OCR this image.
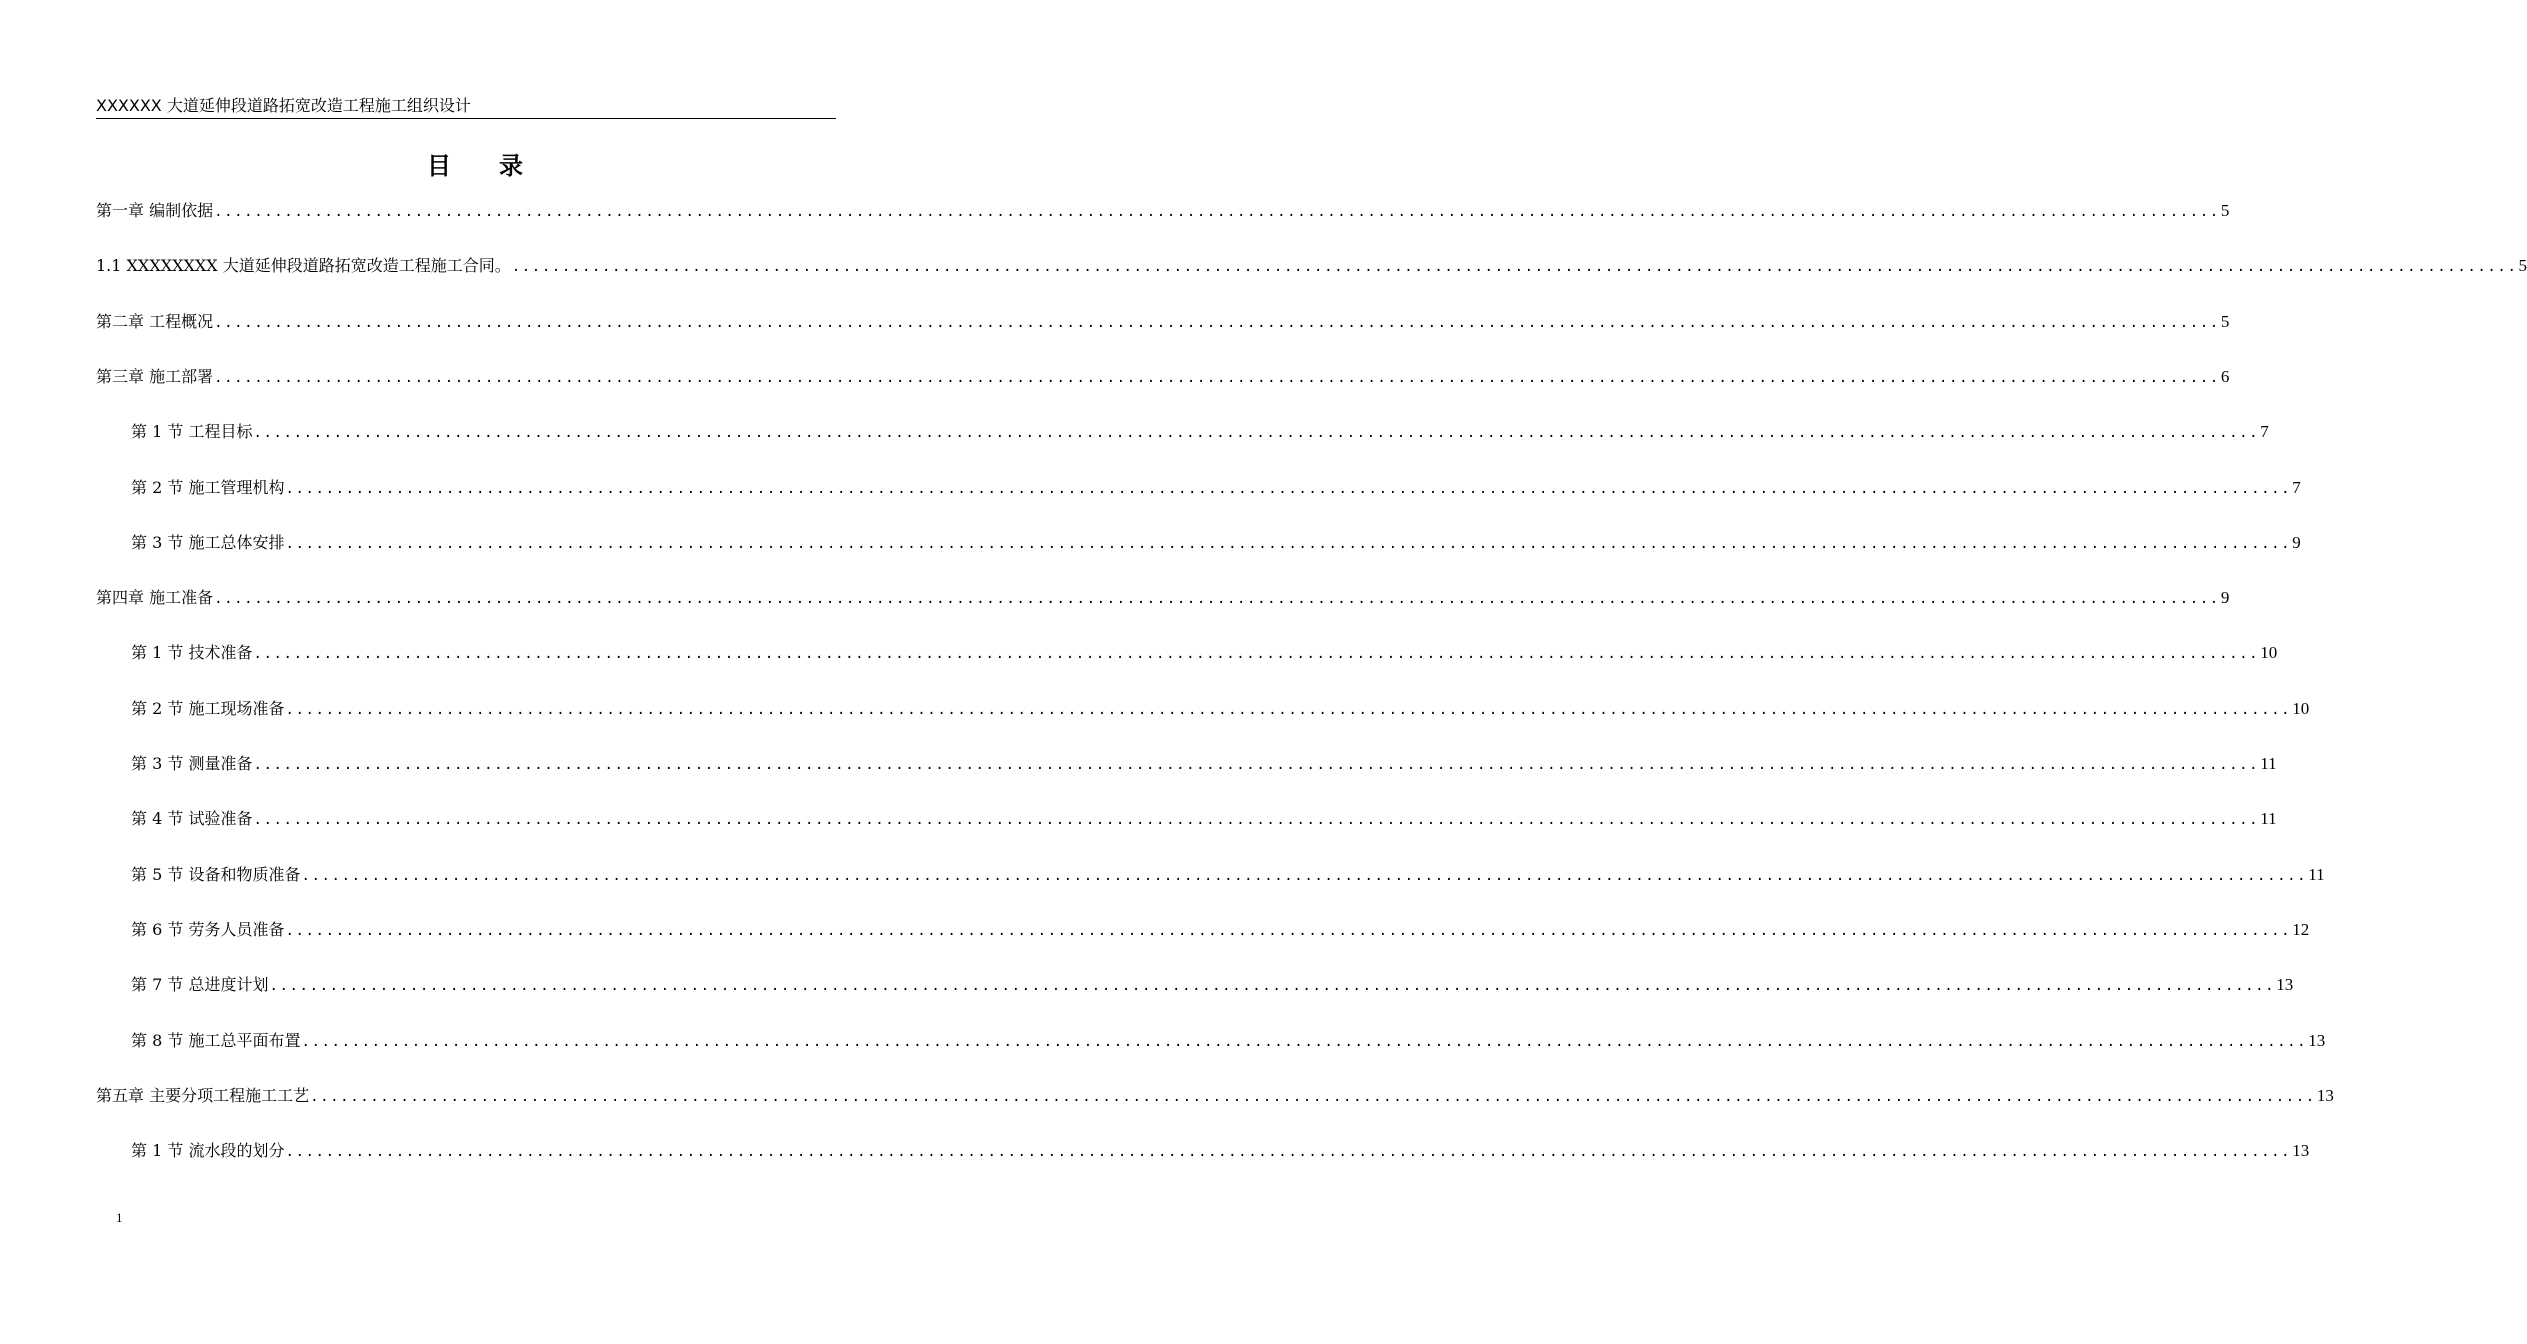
XXXXXX 大道延伸段道路拓宽改造工程施工组织设计
目　　录
第一章 编制依据 ........................................................................................................................................................................................................ 5
1.1 XXXXXXXX 大道延伸段道路拓宽改造工程施工合同。 ........................................................................................................................................................................................................ 5
第二章 工程概况 ........................................................................................................................................................................................................ 5
第三章 施工部署 ........................................................................................................................................................................................................ 6
第 1 节 工程目标 ........................................................................................................................................................................................................ 7
第 2 节 施工管理机构 ........................................................................................................................................................................................................ 7
第 3 节 施工总体安排 ........................................................................................................................................................................................................ 9
第四章 施工准备 ........................................................................................................................................................................................................ 9
第 1 节 技术准备 ........................................................................................................................................................................................................ 10
第 2 节 施工现场准备 ........................................................................................................................................................................................................ 10
第 3 节 测量准备 ........................................................................................................................................................................................................ 11
第 4 节 试验准备 ........................................................................................................................................................................................................ 11
第 5 节 设备和物质准备 ........................................................................................................................................................................................................ 11
第 6 节 劳务人员准备 ........................................................................................................................................................................................................ 12
第 7 节 总进度计划 ........................................................................................................................................................................................................ 13
第 8 节 施工总平面布置 ........................................................................................................................................................................................................ 13
第五章 主要分项工程施工工艺 ........................................................................................................................................................................................................ 13
第 1 节 流水段的划分 ........................................................................................................................................................................................................ 13
1
